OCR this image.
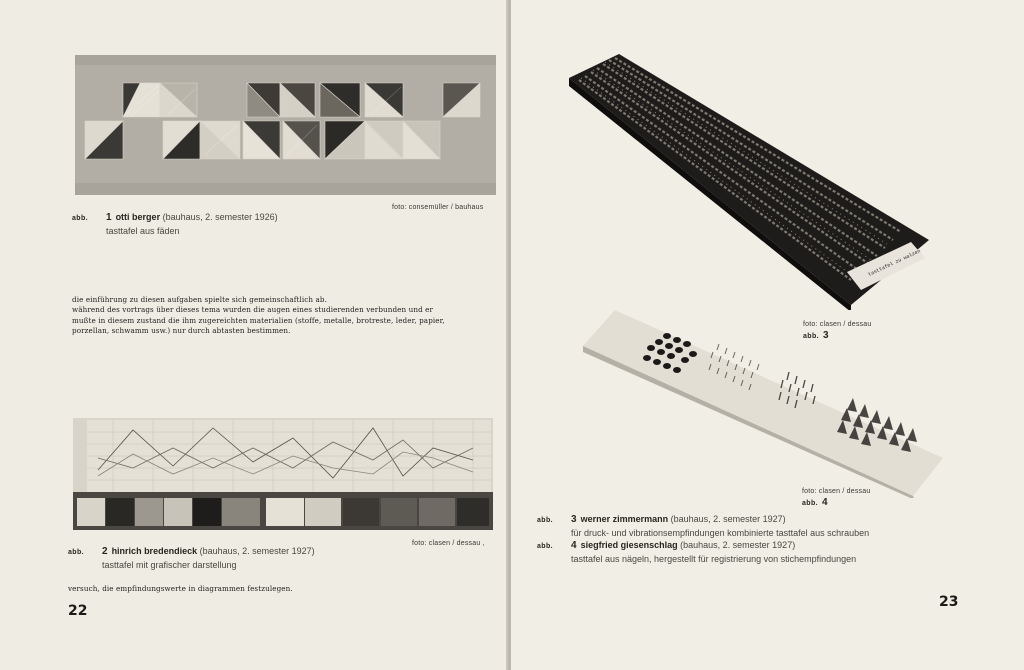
foto: consemüller / bauhaus
abb. 1 otti berger (bauhaus, 2. semester 1926)
tasttafel aus fäden
die einführung zu diesen aufgaben spielte sich gemeinschaftlich ab.
während des vortrags über dieses tema wurden die augen eines studierenden verbunden und er
mußte in diesem zustand die ihm zugereichten materialien (stoffe, metalle, brotreste, leder, papier,
porzellan, schwamm usw.) nur durch abtasten bestimmen.
foto: clasen / dessau ,
abb. 2 hinrich bredendieck (bauhaus, 2. semester 1927)
tasttafel mit grafischer darstellung
versuch, die empfindungswerte in diagrammen festzulegen.
22
tasttafel zu walzen
foto: clasen / dessau
abb. 3
foto: clasen / dessau
abb. 4
abb. 3 werner zimmermann (bauhaus, 2. semester 1927)
für druck- und vibrationsempfindungen kombinierte tasttafel aus schrauben
abb. 4 siegfried giesenschlag (bauhaus, 2. semester 1927)
tasttafel aus nägeln, hergestellt für registrierung von stichempfindungen
23
